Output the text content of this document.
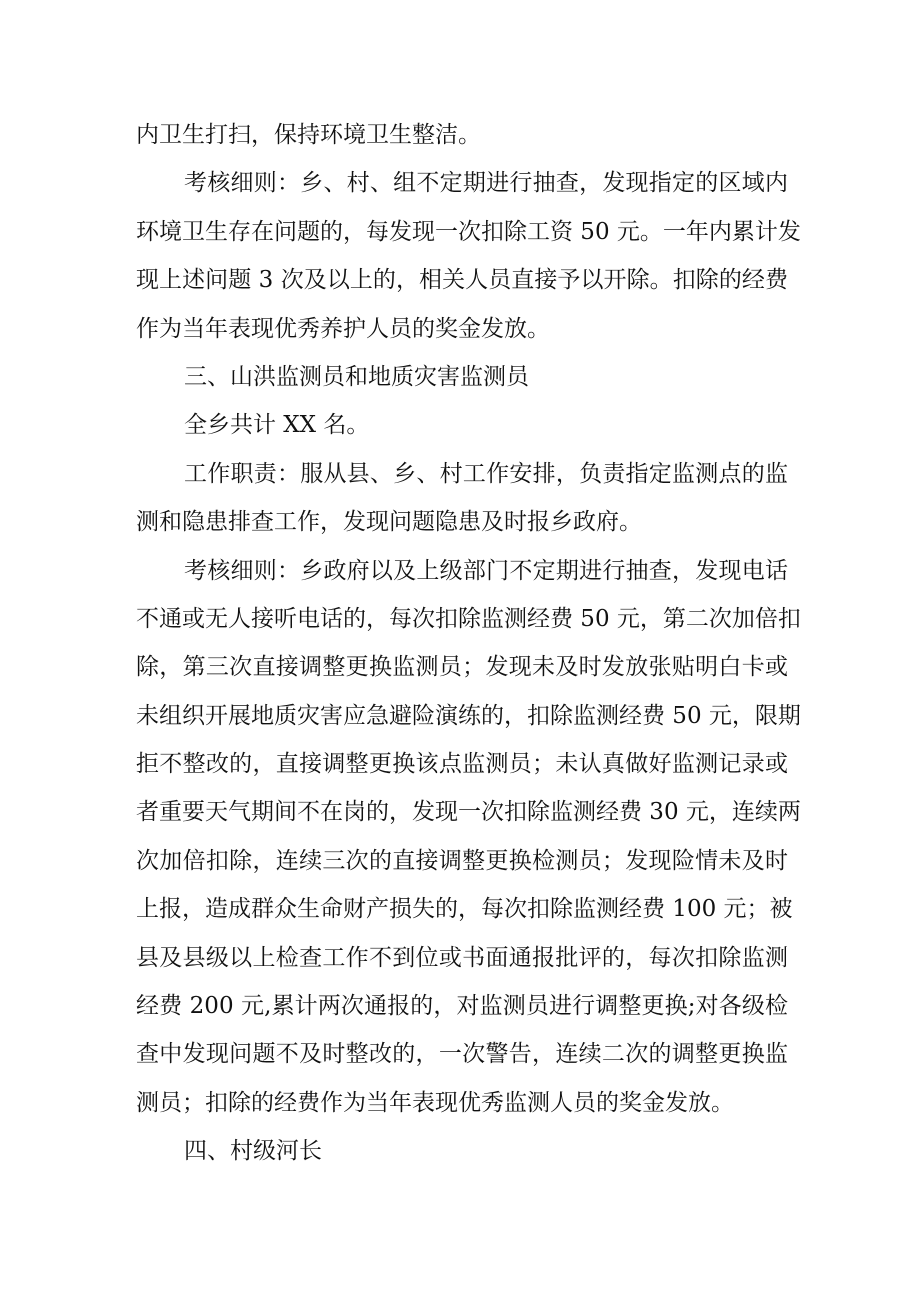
内卫生打扫，保持环境卫生整洁。
考核细则：乡、村、组不定期进行抽查，发现指定的区域内
环境卫生存在问题的，每发现一次扣除工资 50 元。一年内累计发
现上述问题 3 次及以上的，相关人员直接予以开除。扣除的经费
作为当年表现优秀养护人员的奖金发放。
三、山洪监测员和地质灾害监测员
全乡共计 XX 名。
工作职责：服从县、乡、村工作安排，负责指定监测点的监
测和隐患排查工作，发现问题隐患及时报乡政府。
考核细则：乡政府以及上级部门不定期进行抽查，发现电话
不通或无人接听电话的，每次扣除监测经费 50 元，第二次加倍扣
除，第三次直接调整更换监测员；发现未及时发放张贴明白卡或
未组织开展地质灾害应急避险演练的，扣除监测经费 50 元，限期
拒不整改的，直接调整更换该点监测员；未认真做好监测记录或
者重要天气期间不在岗的，发现一次扣除监测经费 30 元，连续两
次加倍扣除，连续三次的直接调整更换检测员；发现险情未及时
上报，造成群众生命财产损失的，每次扣除监测经费 100 元；被
县及县级以上检查工作不到位或书面通报批评的，每次扣除监测
经费 200 元,累计两次通报的，对监测员进行调整更换;对各级检
查中发现问题不及时整改的，一次警告，连续二次的调整更换监
测员；扣除的经费作为当年表现优秀监测人员的奖金发放。
四、村级河长
